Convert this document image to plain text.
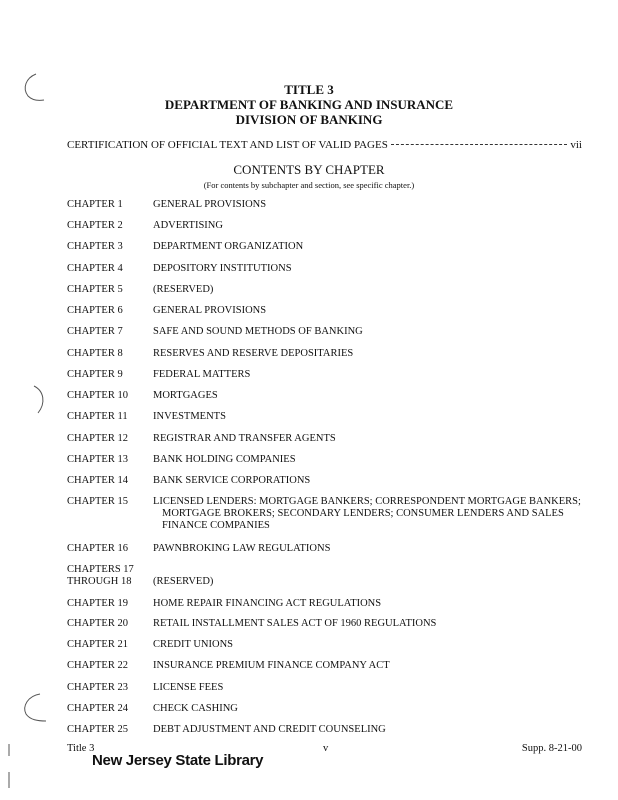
TITLE 3
DEPARTMENT OF BANKING AND INSURANCE
DIVISION OF BANKING
CERTIFICATION OF OFFICIAL TEXT AND LIST OF VALID PAGES	vii
CONTENTS BY CHAPTER
(For contents by subchapter and section, see specific chapter.)
CHAPTER 1	GENERAL PROVISIONS
CHAPTER 2	ADVERTISING
CHAPTER 3	DEPARTMENT ORGANIZATION
CHAPTER 4	DEPOSITORY INSTITUTIONS
CHAPTER 5	(RESERVED)
CHAPTER 6	GENERAL PROVISIONS
CHAPTER 7	SAFE AND SOUND METHODS OF BANKING
CHAPTER 8	RESERVES AND RESERVE DEPOSITARIES
CHAPTER 9	FEDERAL MATTERS
CHAPTER 10	MORTGAGES
CHAPTER 11	INVESTMENTS
CHAPTER 12	REGISTRAR AND TRANSFER AGENTS
CHAPTER 13	BANK HOLDING COMPANIES
CHAPTER 14	BANK SERVICE CORPORATIONS
CHAPTER 15	LICENSED LENDERS: MORTGAGE BANKERS; CORRESPONDENT MORTGAGE BANKERS;
MORTGAGE BROKERS; SECONDARY LENDERS; CONSUMER LENDERS AND SALES
FINANCE COMPANIES
CHAPTER 16	PAWNBROKING LAW REGULATIONS
CHAPTERS 17
THROUGH 18	(RESERVED)
CHAPTER 19	HOME REPAIR FINANCING ACT REGULATIONS
CHAPTER 20	RETAIL INSTALLMENT SALES ACT OF 1960 REGULATIONS
CHAPTER 21	CREDIT UNIONS
CHAPTER 22	INSURANCE PREMIUM FINANCE COMPANY ACT
CHAPTER 23	LICENSE FEES
CHAPTER 24	CHECK CASHING
CHAPTER 25	DEBT ADJUSTMENT AND CREDIT COUNSELING
Title 3	v	Supp. 8-21-00
New Jersey State Library
